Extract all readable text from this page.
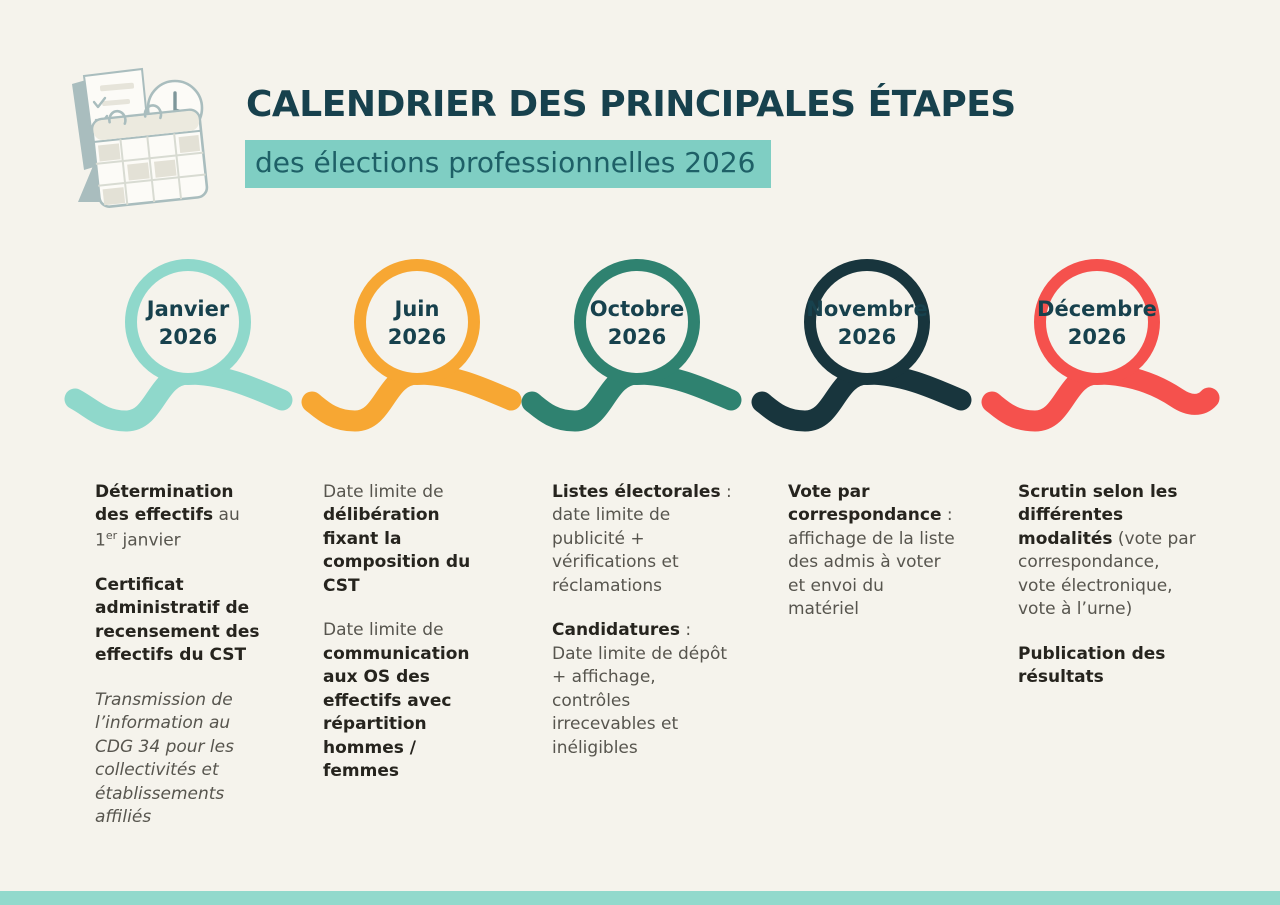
CALENDRIER DES PRINCIPALES ÉTAPES
des élections professionnelles 2026
Janvier
2026
Juin
2026
Octobre
2026
Novembre
2026
Décembre
2026

Détermination des effectifs au 1er janvier

Certificat administratif de recensement des effectifs du CST

Transmission de l’information au CDG 34 pour les collectivités et établissements affiliés

Date limite de délibération fixant la composition du CST

Date limite de communication aux OS des effectifs avec répartition hommes / femmes

Listes électorales : date limite de publicité + vérifications et réclamations

Candidatures : Date limite de dépôt + affichage, contrôles irrecevables et inéligibles

Vote par correspondance : affichage de la liste des admis à voter et envoi du matériel

Scrutin selon les différentes modalités (vote par correspondance, vote électronique, vote à l’urne)

Publication des résultats
